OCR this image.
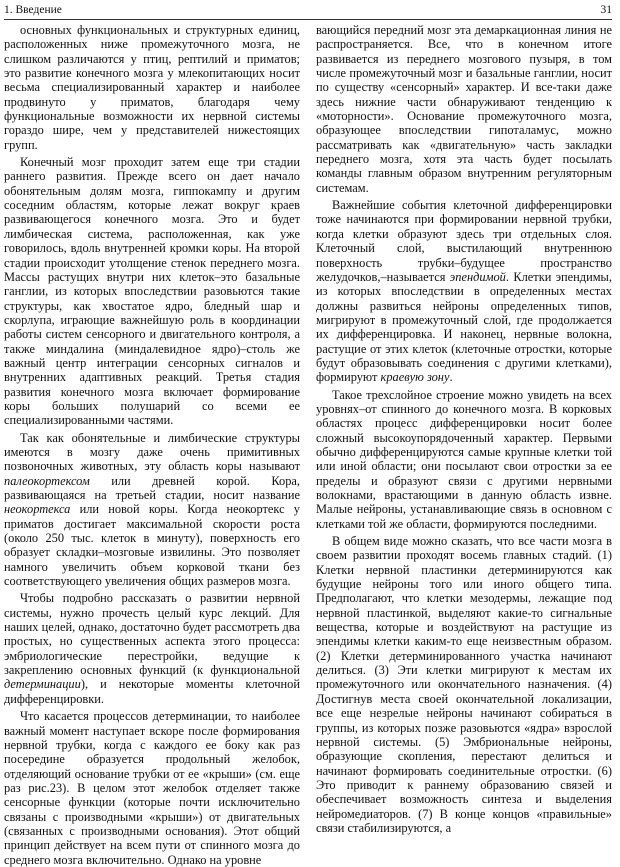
1. Введение	31

основных функциональных и структурных единиц, расположенных ниже промежуточного мозга, не слишком различаются у птиц, рептилий и приматов; это развитие конечного мозга у млекопитающих носит весьма специализированный характер и наиболее продвинуто у приматов, благодаря чему функциональные возможности их нервной системы гораздо шире, чем у представителей нижестоящих групп.

Конечный мозг проходит затем еще три стадии раннего развития. Прежде всего он дает начало обонятельным долям мозга, гиппокампу и другим соседним областям, которые лежат вокруг краев развивающегося конечного мозга. Это и будет лимбическая система, расположенная, как уже говорилось, вдоль внутренней кромки коры. На второй стадии происходит утолщение стенок переднего мозга. Массы растущих внутри них клеток–это базальные ганглии, из которых впоследствии разовьются такие структуры, как хвостатое ядро, бледный шар и скорлупа, играющие важнейшую роль в координации работы систем сенсорного и двигательного контроля, а также миндалина (миндалевидное ядро)–столь же важный центр интеграции сенсорных сигналов и внутренних адаптивных реакций. Третья стадия развития конечного мозга включает формирование коры больших полушарий со всеми ее специализированными частями.

Так как обонятельные и лимбические структуры имеются в мозгу даже очень примитивных позвоночных животных, эту область коры называют палеокортексом или древней корой. Кора, развивающаяся на третьей стадии, носит название неокортекса или новой коры. Когда неокортекс у приматов достигает максимальной скорости роста (около 250 тыс. клеток в минуту), поверхность его образует складки–мозговые извилины. Это позволяет намного увеличить объем корковой ткани без соответствующего увеличения общих размеров мозга.

Чтобы подробно рассказать о развитии нервной системы, нужно прочесть целый курс лекций. Для наших целей, однако, достаточно будет рассмотреть два простых, но существенных аспекта этого процесса: эмбриологические перестройки, ведущие к закреплению основных функций (к функциональной детерминации), и некоторые моменты клеточной дифференцировки.

Что касается процессов детерминации, то наиболее важный момент наступает вскоре после формирования нервной трубки, когда с каждого ее боку как раз посередине образуется продольный желобок, отделяющий основание трубки от ее «крыши» (см. еще раз рис.23). В целом этот желобок отделяет также сенсорные функции (которые почти исключительно связаны с производными «крыши») от двигательных (связанных с производными основания). Этот общий принцип действует на всем пути от спинного мозга до среднего мозга включительно. Однако на уровне

вающийся передний мозг эта демаркационная линия не распространяется. Все, что в конечном итоге развивается из переднего мозгового пузыря, в том числе промежуточный мозг и базальные ганглии, носит по существу «сенсорный» характер. И все-таки даже здесь нижние части обнаруживают тенденцию к «моторности». Основание промежуточного мозга, образующее впоследствии гипоталамус, можно рассматривать как «двигательную» часть закладки переднего мозга, хотя эта часть будет посылать команды главным образом внутренним регуляторным системам.

Важнейшие события клеточной дифференцировки тоже начинаются при формировании нервной трубки, когда клетки образуют здесь три отдельных слоя. Клеточный слой, выстилающий внутреннюю поверхность трубки–будущее пространство желудочков,–называется эпендимой. Клетки эпендимы, из которых впоследствии в определенных местах должны развиться нейроны определенных типов, мигрируют в промежуточный слой, где продолжается их дифференцировка. И наконец, нервные волокна, растущие от этих клеток (клеточные отростки, которые будут образовывать соединения с другими клетками), формируют краевую зону.

Такое трехслойное строение можно увидеть на всех уровнях–от спинного до конечного мозга. В корковых областях процесс дифференцировки носит более сложный высокоупорядоченный характер. Первыми обычно дифференцируются самые крупные клетки той или иной области; они посылают свои отростки за ее пределы и образуют связи с другими нервными волокнами, врастающими в данную область извне. Малые нейроны, устанавливающие связь в основном с клетками той же области, формируются последними.

В общем виде можно сказать, что все части мозга в своем развитии проходят восемь главных стадий. (1) Клетки нервной пластинки детерминируются как будущие нейроны того или иного общего типа. Предполагают, что клетки мезодермы, лежащие под нервной пластинкой, выделяют какие-то сигнальные вещества, которые и воздействуют на растущие из эпендимы клетки каким-то еще неизвестным образом. (2) Клетки детерминированного участка начинают делиться. (3) Эти клетки мигрируют к местам их промежуточного или окончательного назначения. (4) Достигнув места своей окончательной локализации, все еще незрелые нейроны начинают собираться в группы, из которых позже разовьются «ядра» взрослой нервной системы. (5) Эмбриональные нейроны, образующие скопления, перестают делиться и начинают формировать соединительные отростки. (6) Это приводит к раннему образованию связей и обеспечивает возможность синтеза и выделения нейромедиаторов. (7) В конце концов «правильные» связи стабилизируются, а
